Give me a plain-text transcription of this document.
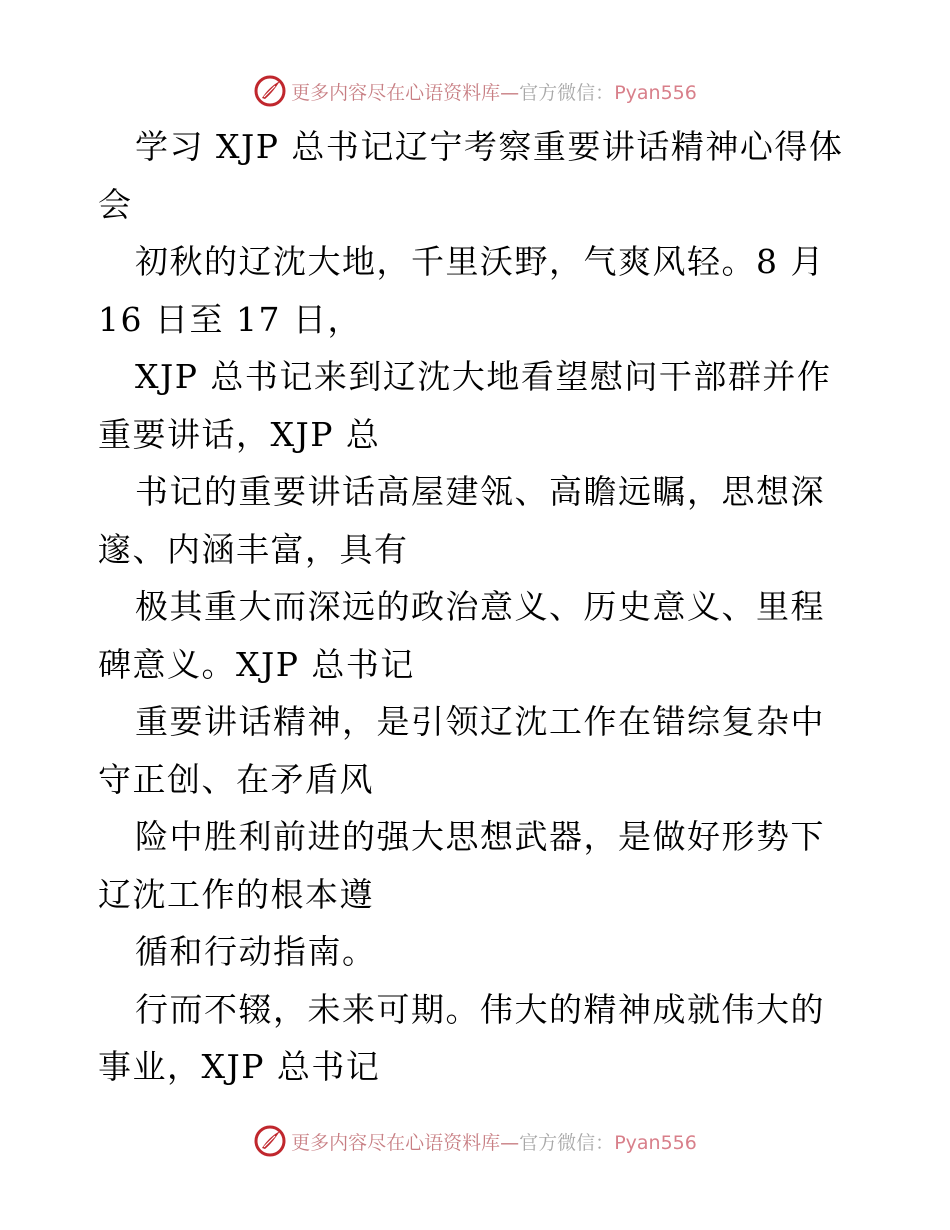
更多内容尽在心语资料库—官方微信：Pyan556

学习 XJP 总书记辽宁考察重要讲话精神心得体会

初秋的辽沈大地，千里沃野，气爽风轻。8 月 16 日至 17 日，

XJP 总书记来到辽沈大地看望慰问干部群并作重要讲话，XJP 总

书记的重要讲话高屋建瓴、高瞻远瞩，思想深邃、内涵丰富，具有

极其重大而深远的政治意义、历史意义、里程碑意义。XJP 总书记

重要讲话精神，是引领辽沈工作在错综复杂中守正创、在矛盾风

险中胜利前进的强大思想武器，是做好形势下辽沈工作的根本遵

循和行动指南。

行而不辍，未来可期。伟大的精神成就伟大的事业，XJP 总书记

更多内容尽在心语资料库—官方微信：Pyan556
